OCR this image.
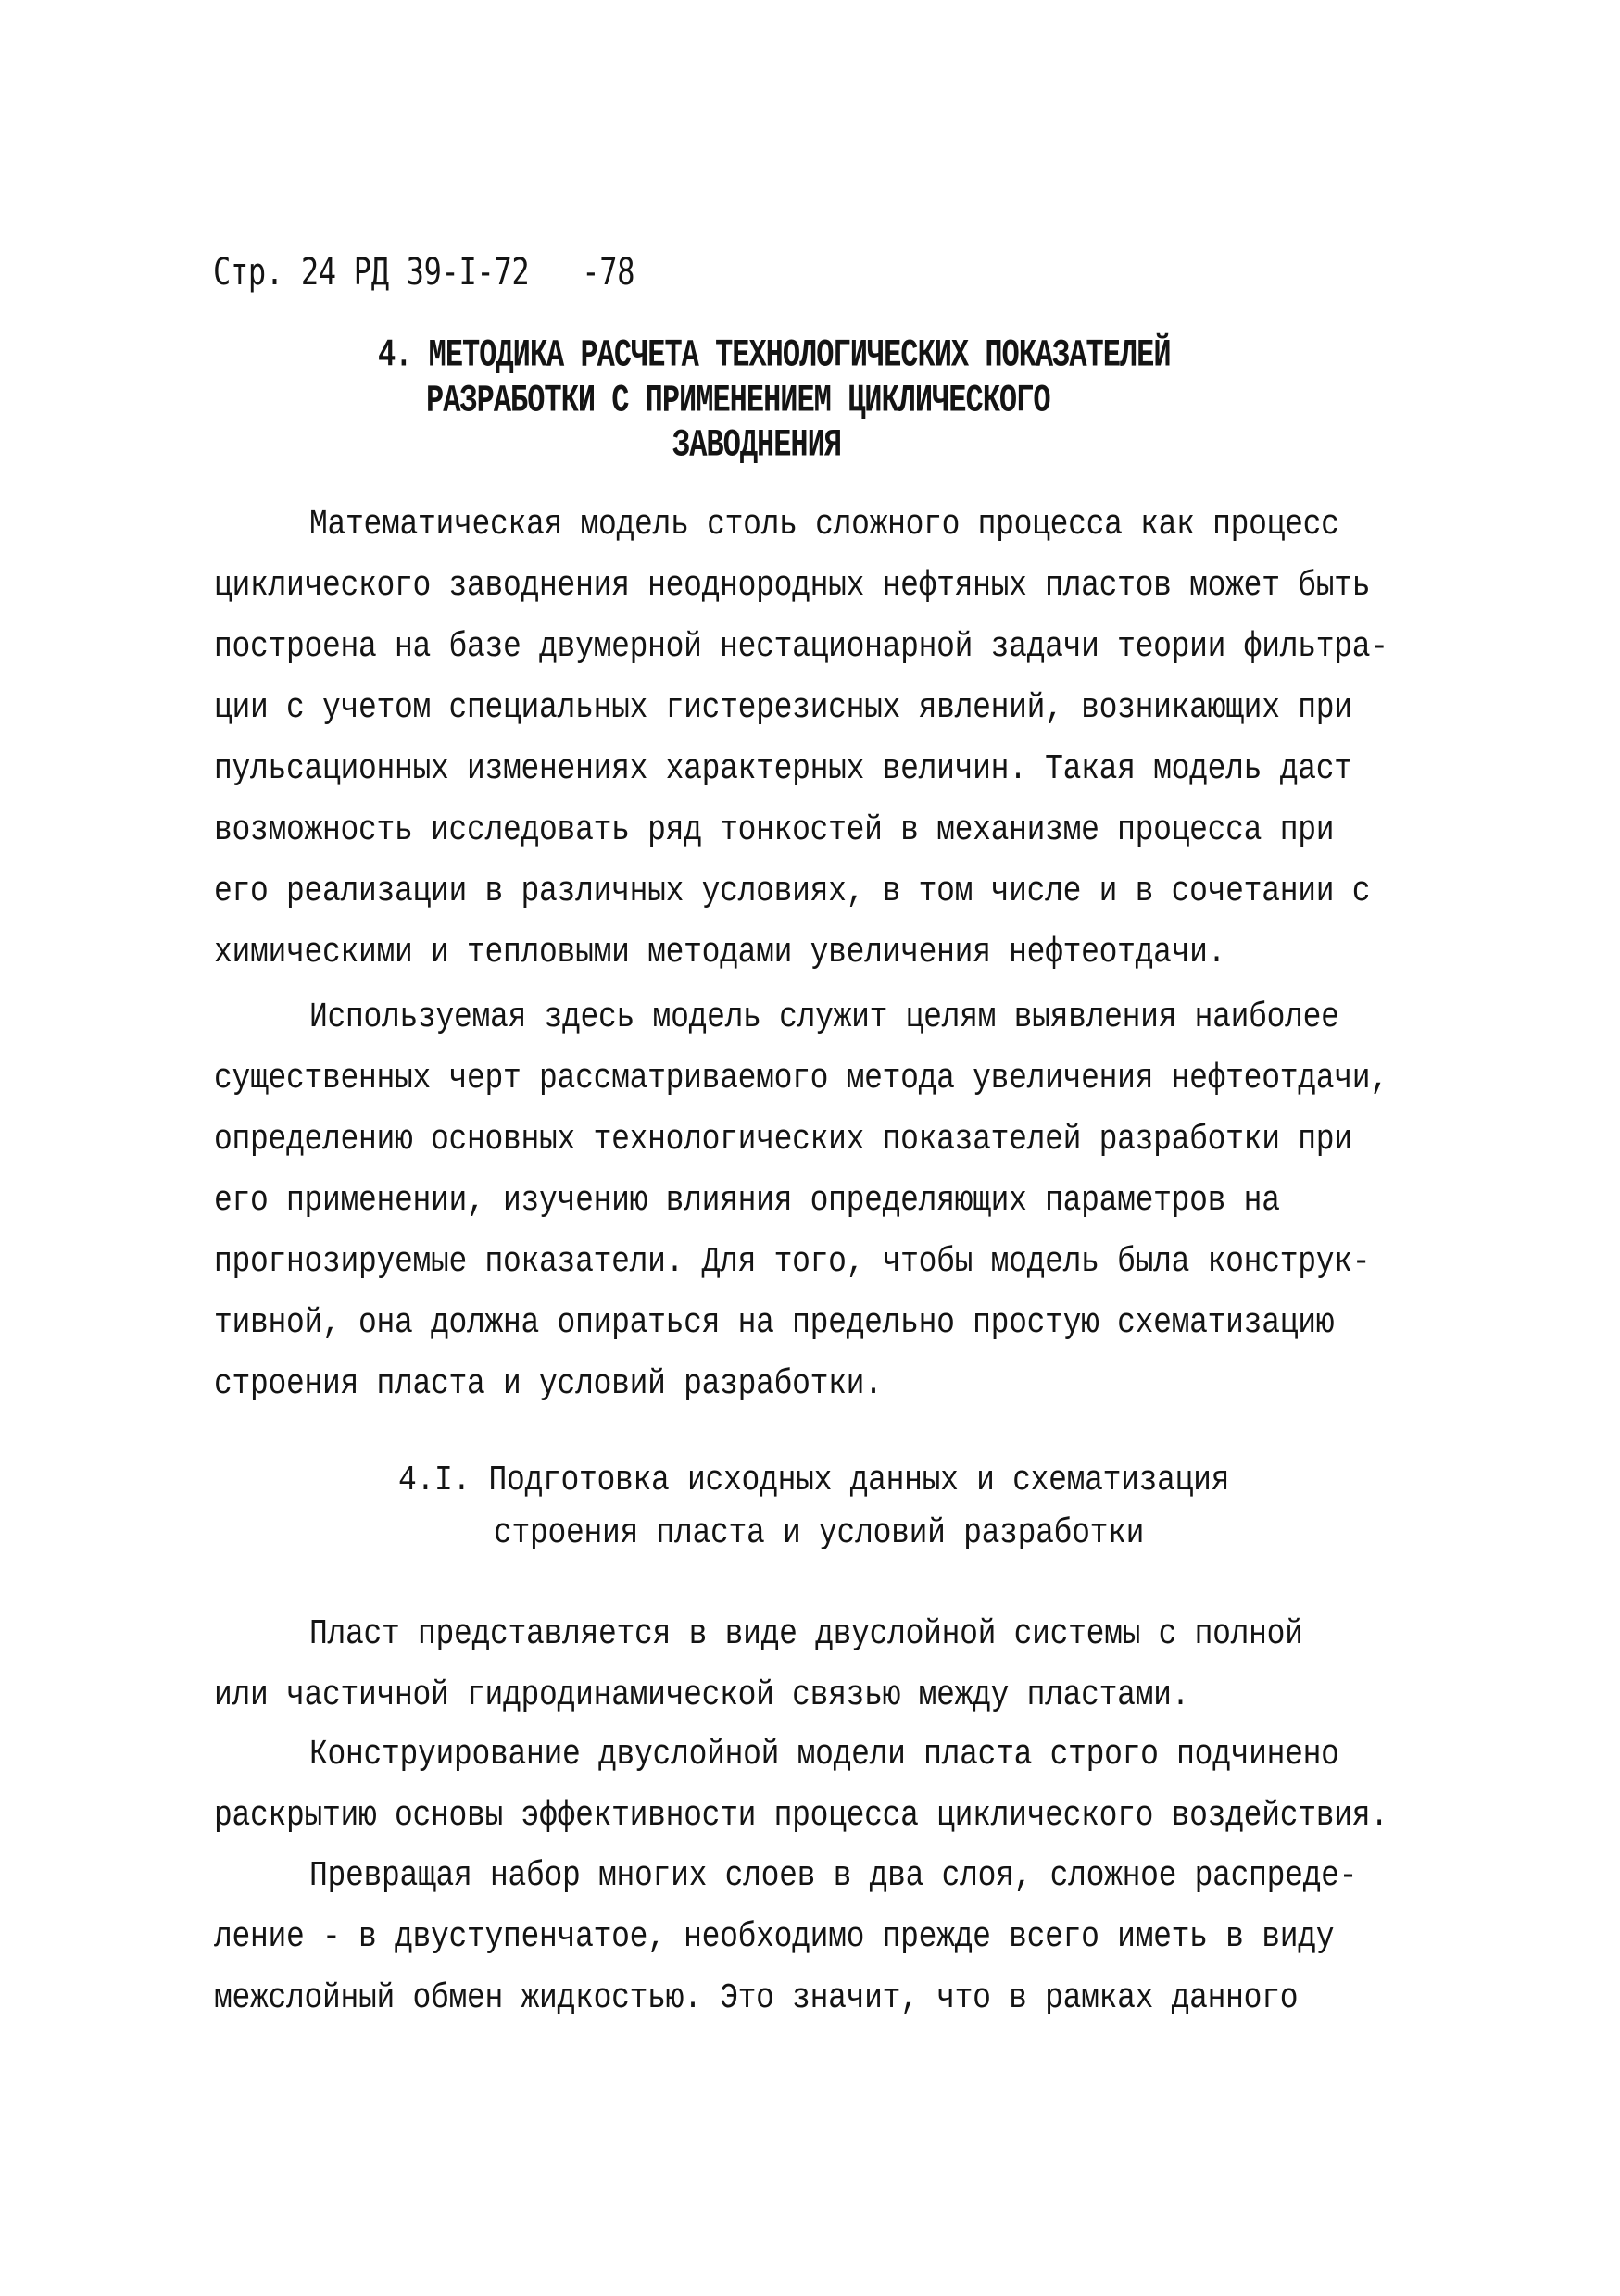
Стр. 24 РД 39-I-72   -78
4. МЕТОДИКА РАСЧЕТА ТЕХНОЛОГИЧЕСКИХ ПОКАЗАТЕЛЕЙ
РАЗРАБОТКИ С ПРИМЕНЕНИЕМ ЦИКЛИЧЕСКОГО
ЗАВОДНЕНИЯ
Математическая модель столь сложного процесса как процесс
циклического заводнения неоднородных нефтяных пластов может быть
построена на базе двумерной нестационарной задачи теории фильтра-
ции с учетом специальных гистерезисных явлений, возникающих при
пульсационных изменениях характерных величин. Такая модель даст
возможность исследовать ряд тонкостей в механизме процесса при
его реализации в различных условиях, в том числе и в сочетании с
химическими и тепловыми методами увеличения нефтеотдачи.
Используемая здесь модель служит целям выявления наиболее
существенных черт рассматриваемого метода увеличения нефтеотдачи,
определению основных технологических показателей разработки при
его применении, изучению влияния определяющих параметров на
прогнозируемые показатели. Для того, чтобы модель была конструк-
тивной, она должна опираться на предельно простую схематизацию
строения пласта и условий разработки.
4.I. Подготовка исходных данных и схематизация
строения пласта и условий разработки
Пласт представляется в виде двуслойной системы с полной
или частичной гидродинамической связью между пластами.
Конструирование двуслойной модели пласта строго подчинено
раскрытию основы эффективности процесса циклического воздействия.
Превращая набор многих слоев в два слоя, сложное распреде-
ление - в двуступенчатое, необходимо прежде всего иметь в виду
межслойный обмен жидкостью. Это значит, что в рамках данного
